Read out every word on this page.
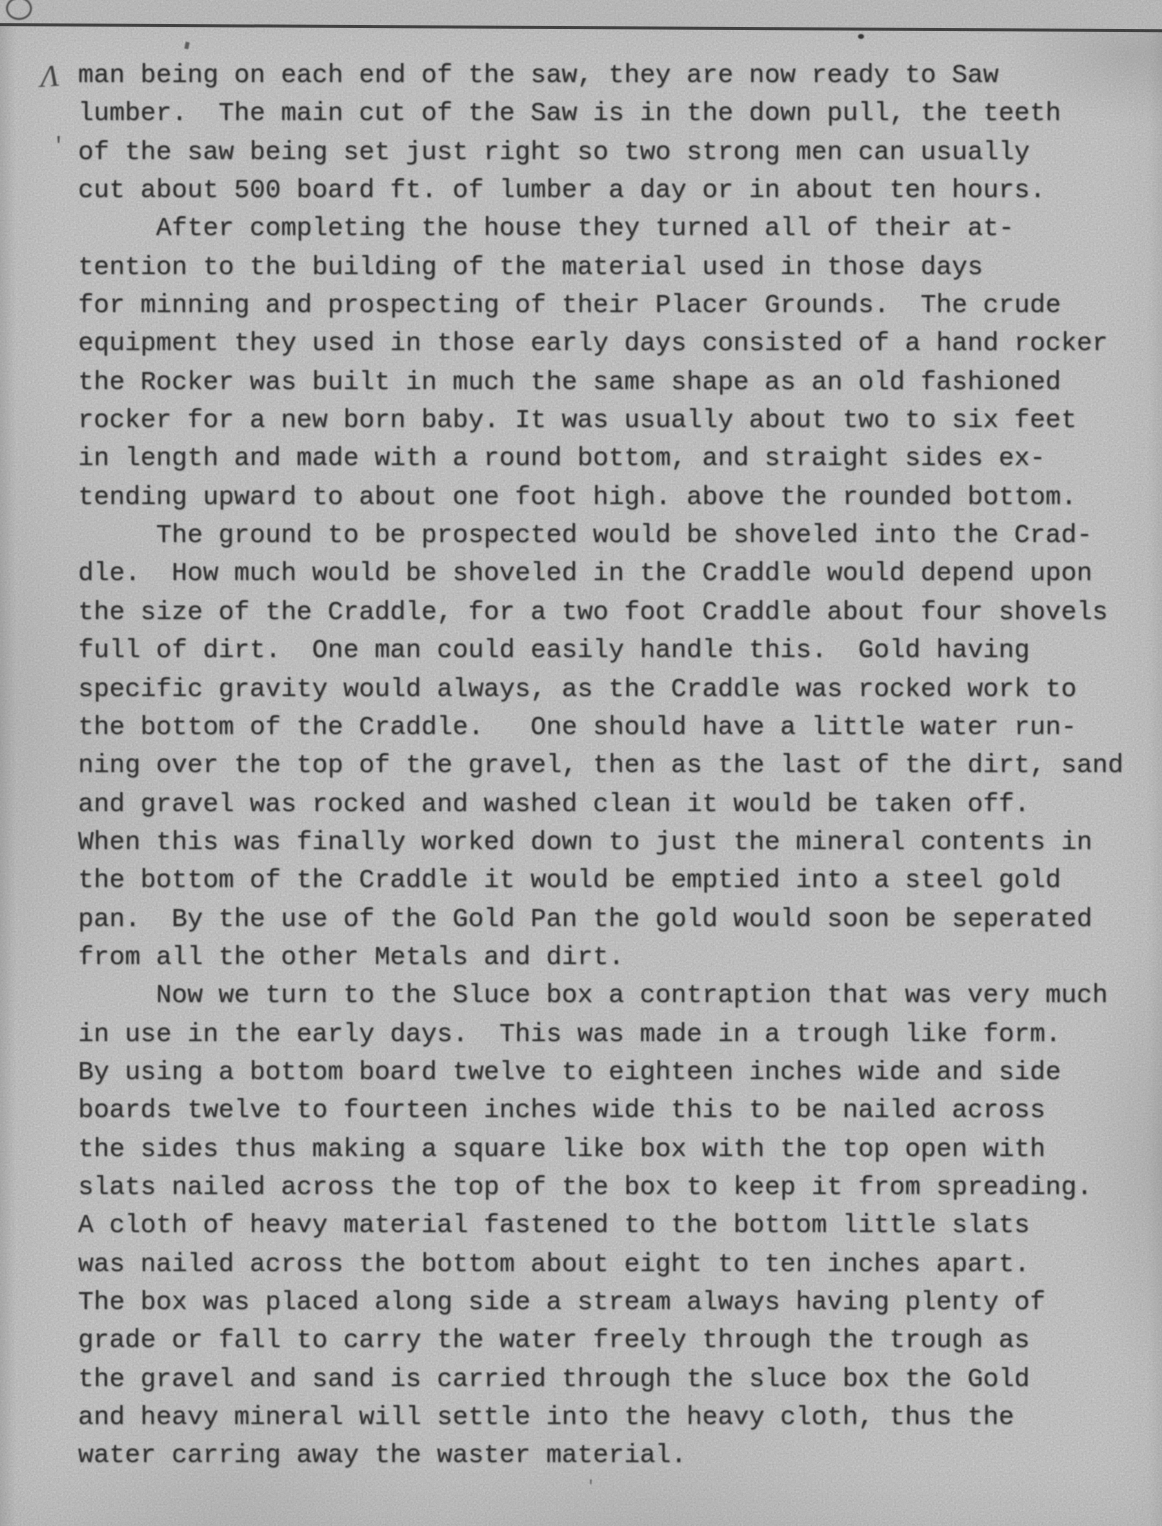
Λ
'
man being on each end of the saw, they are now ready to Saw
lumber.  The main cut of the Saw is in the down pull, the teeth
of the saw being set just right so two strong men can usually
cut about 500 board ft. of lumber a day or in about ten hours.
After completing the house they turned all of their at-
tention to the building of the material used in those days
for minning and prospecting of their Placer Grounds.  The crude
equipment they used in those early days consisted of a hand rocker
the Rocker was built in much the same shape as an old fashioned
rocker for a new born baby. It was usually about two to six feet
in length and made with a round bottom, and straight sides ex-
tending upward to about one foot high. above the rounded bottom.
The ground to be prospected would be shoveled into the Crad-
dle.  How much would be shoveled in the Craddle would depend upon
the size of the Craddle, for a two foot Craddle about four shovels
full of dirt.  One man could easily handle this.  Gold having
specific gravity would always, as the Craddle was rocked work to
the bottom of the Craddle.   One should have a little water run-
ning over the top of the gravel, then as the last of the dirt, sand
and gravel was rocked and washed clean it would be taken off.
When this was finally worked down to just the mineral contents in
the bottom of the Craddle it would be emptied into a steel gold
pan.  By the use of the Gold Pan the gold would soon be seperated
from all the other Metals and dirt.
Now we turn to the Sluce box a contraption that was very much
in use in the early days.  This was made in a trough like form.
By using a bottom board twelve to eighteen inches wide and side
boards twelve to fourteen inches wide this to be nailed across
the sides thus making a square like box with the top open with
slats nailed across the top of the box to keep it from spreading.
A cloth of heavy material fastened to the bottom little slats
was nailed across the bottom about eight to ten inches apart.
The box was placed along side a stream always having plenty of
grade or fall to carry the water freely through the trough as
the gravel and sand is carried through the sluce box the Gold
and heavy mineral will settle into the heavy cloth, thus the
water carring away the waster material.
'
